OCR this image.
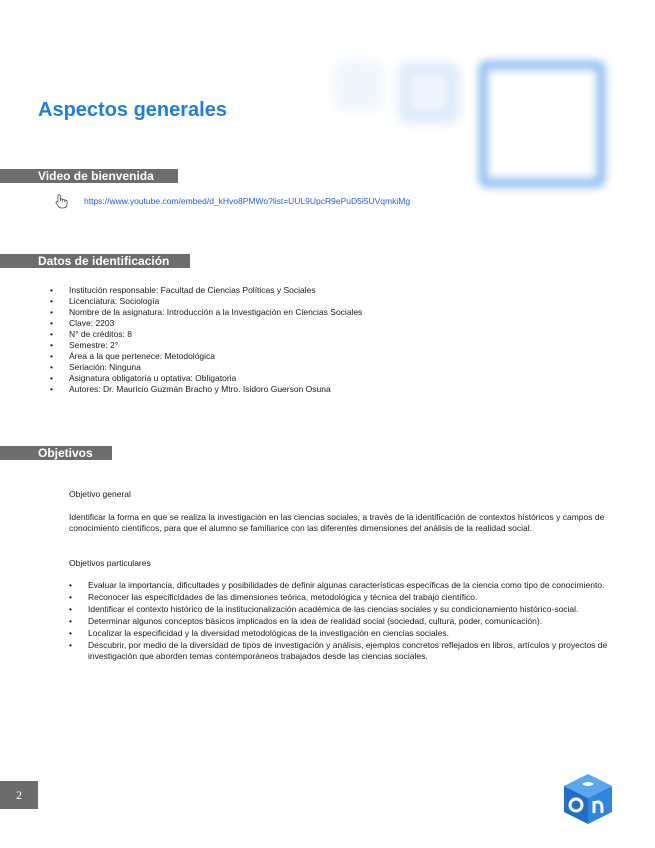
Aspectos generales
Video de bienvenida
https://www.youtube.com/embed/d_kHvo8PMWo?list=UUL9UpcR9ePuD5i5UVqmkiMg
Datos de identificación
• Institución responsable: Facultad de Ciencias Políticas y Sociales
• Licenciatura: Sociología
• Nombre de la asignatura: Introducción a la Investigación en Ciencias Sociales
• Clave: 2203
• N° de créditos: 8
• Semestre: 2°
• Área a la que pertenece: Metodológica
• Seriación: Ninguna
• Asignatura obligatoria u optativa: Obligatoria
• Autores: Dr. Mauricio Guzmán Bracho y Mtro. Isidoro Guerson Osuna
Objetivos
Objetivo general
Identificar la forma en que se realiza la investigación en las ciencias sociales, a través de la identificación de contextos históricos y campos de conocimiento científicos, para que el alumno se familiarice con las diferentes dimensiones del análisis de la realidad social.
Objetivos particulares
• Evaluar la importancia, dificultades y posibilidades de definir algunas características específicas de la ciencia como tipo de conocimiento.
• Reconocer las especificidades de las dimensiones teórica, metodológica y técnica del trabajo científico.
• Identificar el contexto histórico de la institucionalización académica de las ciencias sociales y su condicionamiento histórico-social.
• Determinar algunos conceptos básicos implicados en la idea de realidad social (sociedad, cultura, poder, comunicación).
• Localizar la especificidad y la diversidad metodológicas de la investigación en ciencias sociales.
• Descubrir, por medio de la diversidad de tipos de investigación y análisis, ejemplos concretos reflejados en libros, artículos y proyectos de investigación que aborden temas contemporáneos trabajados desde las ciencias sociales.
2
